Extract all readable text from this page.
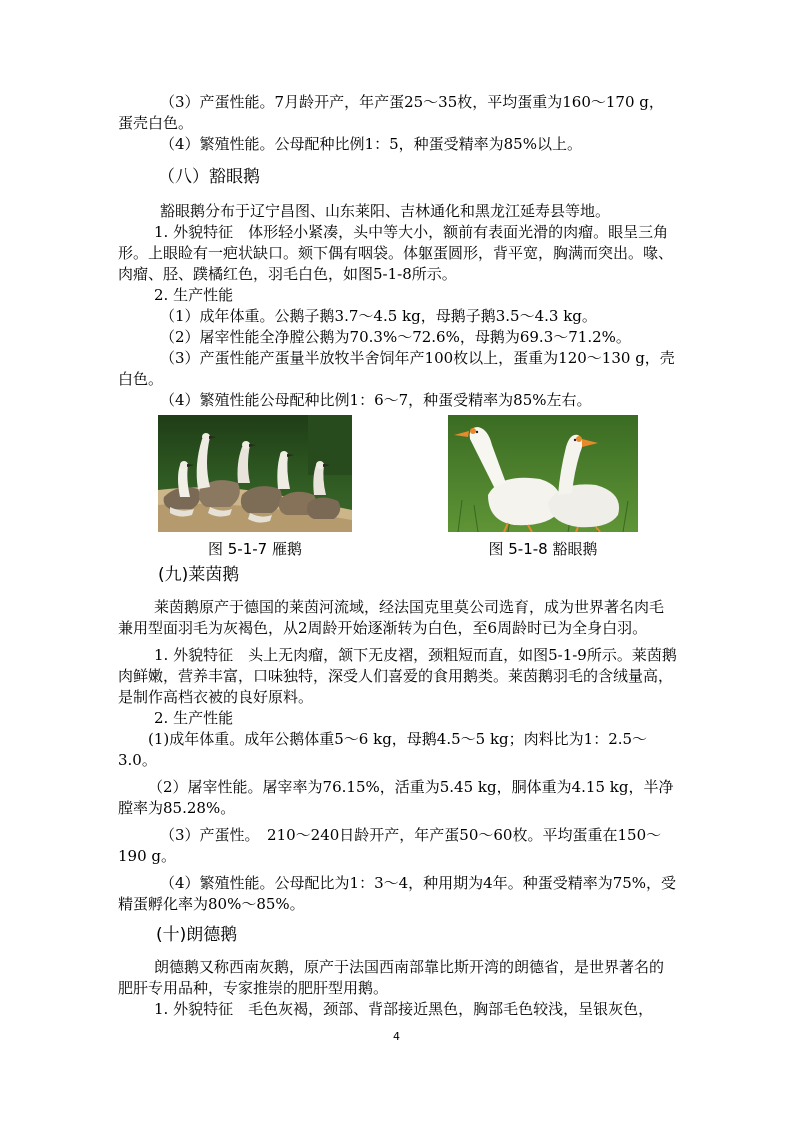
（3）产蛋性能。7月龄开产，年产蛋25～35枚，平均蛋重为160～170 g，蛋壳白色。

（4）繁殖性能。公母配种比例1：5，种蛋受精率为85%以上。

（八）豁眼鹅

豁眼鹅分布于辽宁昌图、山东莱阳、吉林通化和黑龙江延寿县等地。

1. 外貌特征　体形轻小紧凑，头中等大小，额前有表面光滑的肉瘤。眼呈三角形。上眼睑有一疤状缺口。颏下偶有咽袋。体躯蛋圆形，背平宽，胸满而突出。喙、肉瘤、胫、蹼橘红色，羽毛白色，如图5-1-8所示。

2. 生产性能

（1）成年体重。公鹅子鹅3.7～4.5 kg，母鹅子鹅3.5～4.3 kg。

（2）屠宰性能全净膛公鹅为70.3%～72.6%，母鹅为69.3～71.2%。

（3）产蛋性能产蛋量半放牧半舍饲年产100枚以上，蛋重为120～130 g，壳白色。

（4）繁殖性能公母配种比例1：6～7，种蛋受精率为85%左右。

图 5-1-7 雁鹅	图 5-1-8 豁眼鹅
(九)莱茵鹅

莱茵鹅原产于德国的莱茵河流域，经法国克里莫公司选育，成为世界著名肉毛兼用型面羽毛为灰褐色，从2周龄开始逐渐转为白色，至6周龄时已为全身白羽。

1. 外貌特征　头上无肉瘤，颔下无皮褶，颈粗短而直，如图5-1-9所示。莱茵鹅肉鲜嫩，营养丰富，口味独特，深受人们喜爱的食用鹅类。莱茵鹅羽毛的含绒量高，是制作高档衣被的良好原料。

2. 生产性能

(1)成年体重。成年公鹅体重5～6 kg，母鹅4.5～5 kg；肉料比为1：2.5～3.0。

（2）屠宰性能。屠宰率为76.15%，活重为5.45 kg，胴体重为4.15 kg，半净膛率为85.28%。

（3）产蛋性。　210～240日龄开产，年产蛋50～60枚。平均蛋重在150～190 g。

（4）繁殖性能。公母配比为1：3～4，种用期为4年。种蛋受精率为75%，受精蛋孵化率为80%～85%。

(十)朗德鹅

朗德鹅又称西南灰鹅，原产于法国西南部靠比斯开湾的朗德省，是世界著名的肥肝专用品种，专家推崇的肥肝型用鹅。

1. 外貌特征　毛色灰褐，颈部、背部接近黑色，胸部毛色较浅，呈银灰色，

4
